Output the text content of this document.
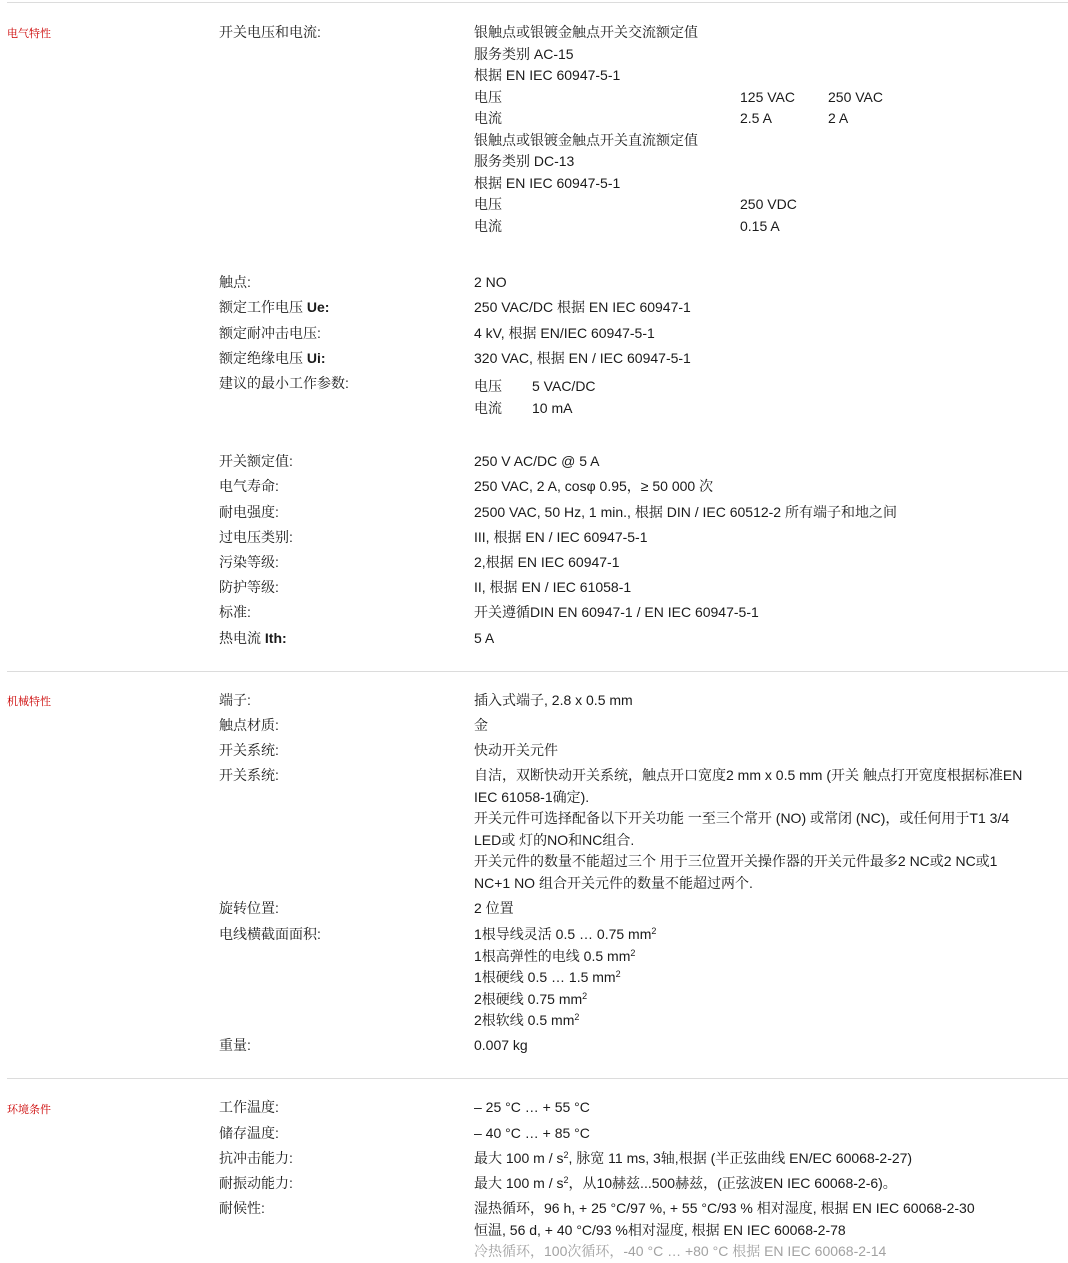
电气特性	开关电压和电流:	银触点或银镀金触点开关交流额定值
服务类别 AC-15
根据 EN IEC 60947-5-1
电压	125 VAC	250 VAC
电流	2.5 A	2 A
银触点或银镀金触点开关直流额定值
服务类别 DC-13
根据 EN IEC 60947-5-1
电压	250 VDC
电流	0.15 A
触点:	2 NO
额定工作电压 Ue:	250 VAC/DC 根据 EN IEC 60947-1
额定耐冲击电压:	4 kV, 根据 EN/IEC 60947-5-1
额定绝缘电压 Ui:	320 VAC, 根据 EN / IEC 60947-5-1
建议的最小工作参数:	电压	5 VAC/DC
电流	10 mA
开关额定值:	250 V AC/DC @ 5 A
电气寿命:	250 VAC, 2 A, cosφ 0.95，≥ 50 000 次
耐电强度:	2500 VAC, 50 Hz, 1 min., 根据 DIN / IEC 60512-2 所有端子和地之间
过电压类别:	III, 根据 EN / IEC 60947-5-1
污染等级:	2,根据 EN IEC 60947-1
防护等级:	II, 根据 EN / IEC 61058-1
标准:	开关遵循DIN EN 60947-1 / EN IEC 60947-5-1
热电流 Ith:	5 A
机械特性	端子:	插入式端子, 2.8 x 0.5 mm
触点材质:	金
开关系统:	快动开关元件
开关系统:	自洁，双断快动开关系统，触点开口宽度2 mm x 0.5 mm (开关 触点打开宽度根据标准EN
IEC 61058-1确定).
开关元件可选择配备以下开关功能 一至三个常开 (NO) 或常闭 (NC)，或任何用于T1 3/4
LED或 灯的NO和NC组合.
开关元件的数量不能超过三个 用于三位置开关操作器的开关元件最多2 NC或2 NC或1
NC+1 NO 组合开关元件的数量不能超过两个.
旋转位置:	2 位置
电线横截面面积:	1根导线灵活 0.5 … 0.75 $mm^2$
1根高弹性的电线 0.5 $mm^2$
1根硬线 0.5 … 1.5 $mm^2$
2根硬线 0.75 $mm^2$
2根软线 0.5 $mm^2$
重量:	0.007 kg
环境条件	工作温度:	– 25 °C … + 55 °C
储存温度:	– 40 °C … + 85 °C
抗冲击能力:	最大 100 m / $s^2$, 脉宽 11 ms, 3轴,根据 (半正弦曲线 EN/EC 60068-2-27)
耐振动能力:	最大 100 m / $s^2$，从10赫兹...500赫兹，(正弦波EN IEC 60068-2-6)。
耐候性:	湿热循环，96 h, + 25 °C/97 %, + 55 °C/93 % 相对湿度, 根据 EN IEC 60068-2-30
恒温, 56 d, + 40 °C/93 %相对湿度, 根据 EN IEC 60068-2-78
冷热循环，100次循环，-40 °C … +80 °C 根据 EN IEC 60068-2-14
